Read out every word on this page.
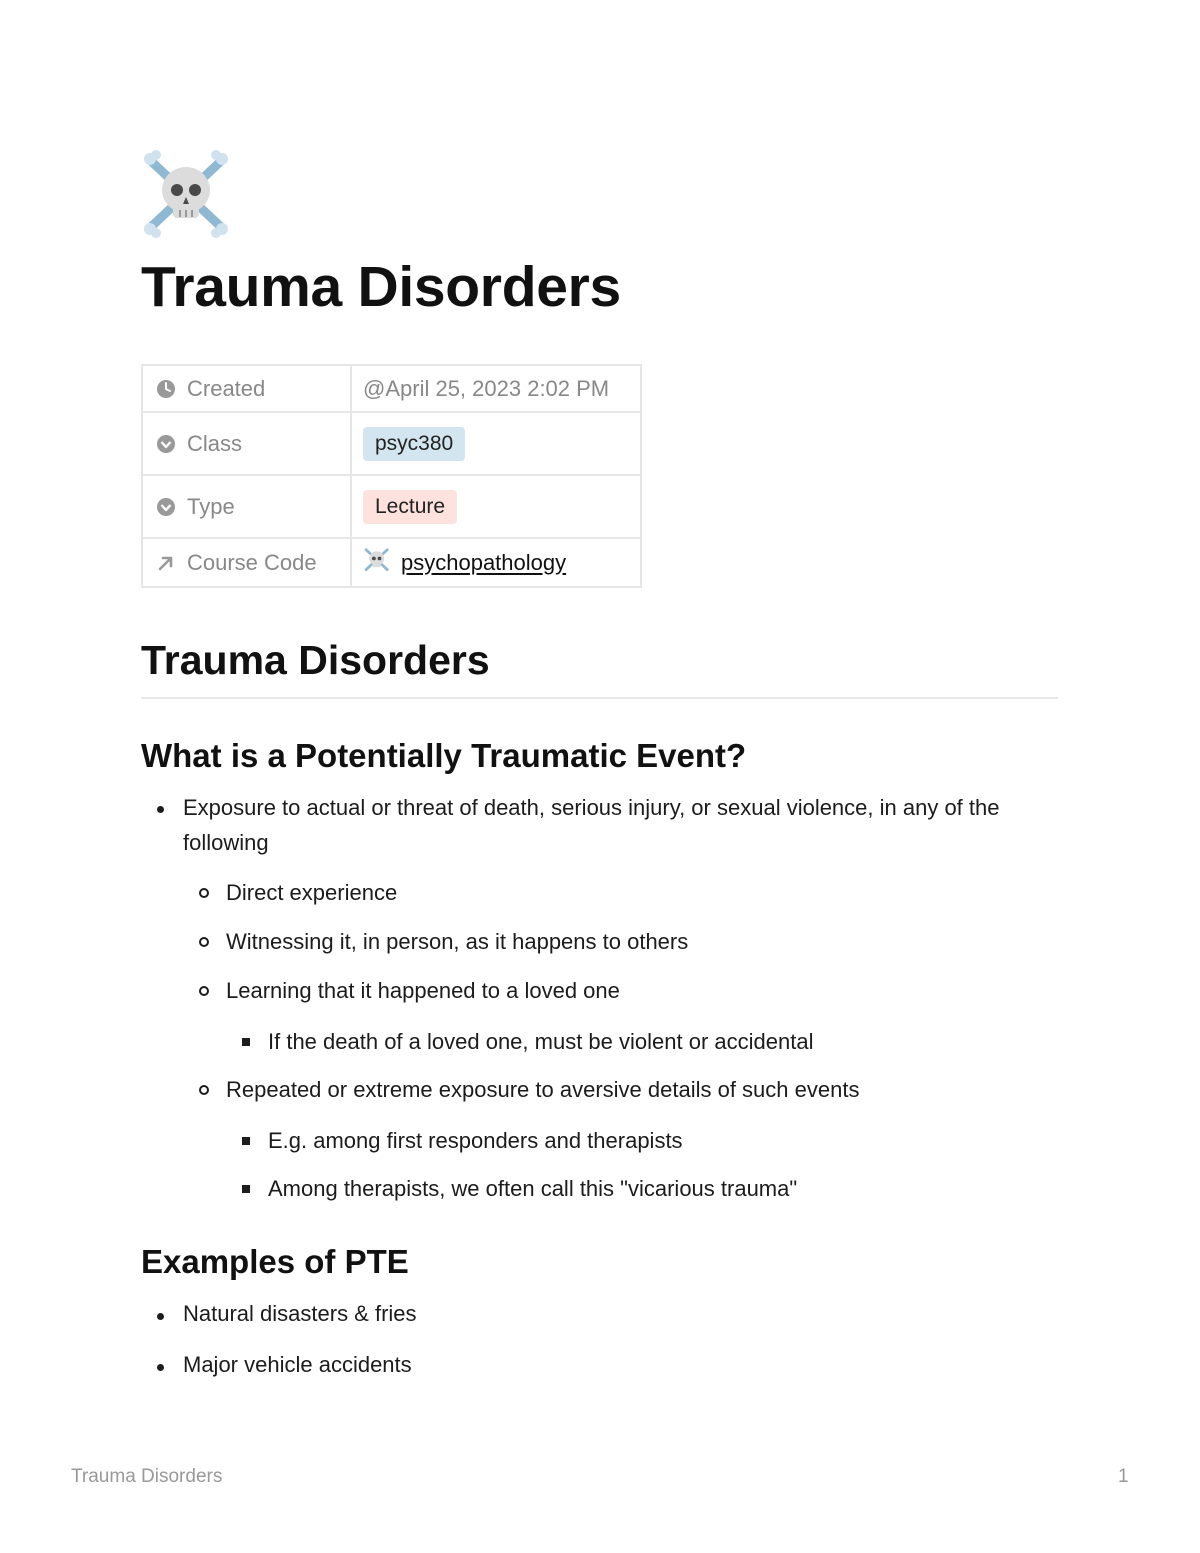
Trauma Disorders
Created	@April 25, 2023 2:02 PM

Class	psyc380

Type	Lecture

Course Code	psychopathology
Trauma Disorders
What is a Potentially Traumatic Event?
Exposure to actual or threat of death, serious injury, or sexual violence, in any of the
following
Direct experience
Witnessing it, in person, as it happens to others
Learning that it happened to a loved one
If the death of a loved one, must be violent or accidental
Repeated or extreme exposure to aversive details of such events
E.g. among first responders and therapists
Among therapists, we often call this "vicarious trauma"
Examples of PTE
Natural disasters & fries
Major vehicle accidents
Trauma Disorders	1
